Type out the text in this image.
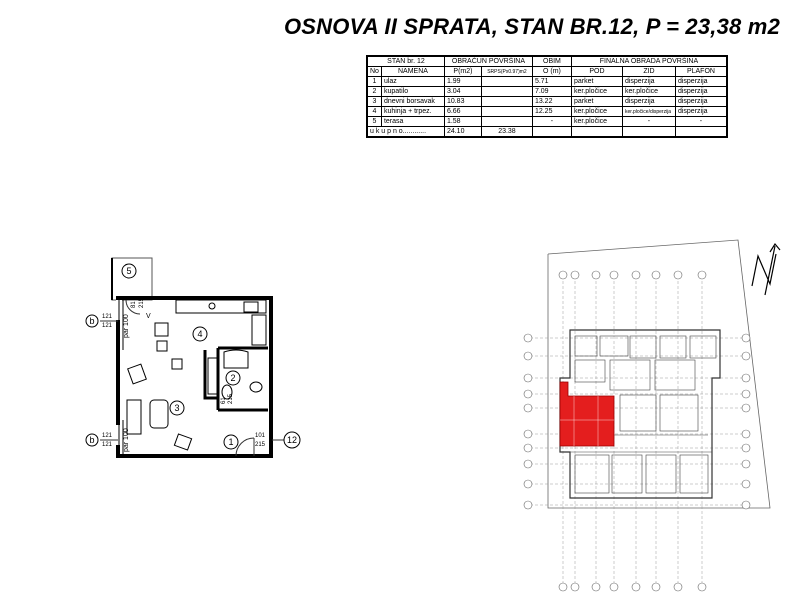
OSNOVA II SPRATA, STAN BR.12, P = 23,38 m2
STAN br. 12		OBRAČUN POVRŠINA		OBIM	FINALNA OBRADA POVRŠINA		
No	NAMENA	P(m2)	SRPS(Px0.97)m2	O (m)	POD	ZID	PLAFON
1	ulaz	1.99		5.71	parket	disperzija	disperzija
2	kupatilo	3.04		7.09	ker.pločice	ker.pločice	disperzija
3	dnevni borsavak	10.83		13.22	parket	disperzija	disperzija
4	kuhinja + trpez.	6.66		12.25	ker.pločice	ker.pločice/disperzija	disperzija
5	terasa	1.58		-	ker.pločice	-	-
u k u p n o............		24.10	23.38				
5
4
2
3
1	12
b
b
121
121
121
121
par 100
par 100
81 215
61 215
101
215
V
N
